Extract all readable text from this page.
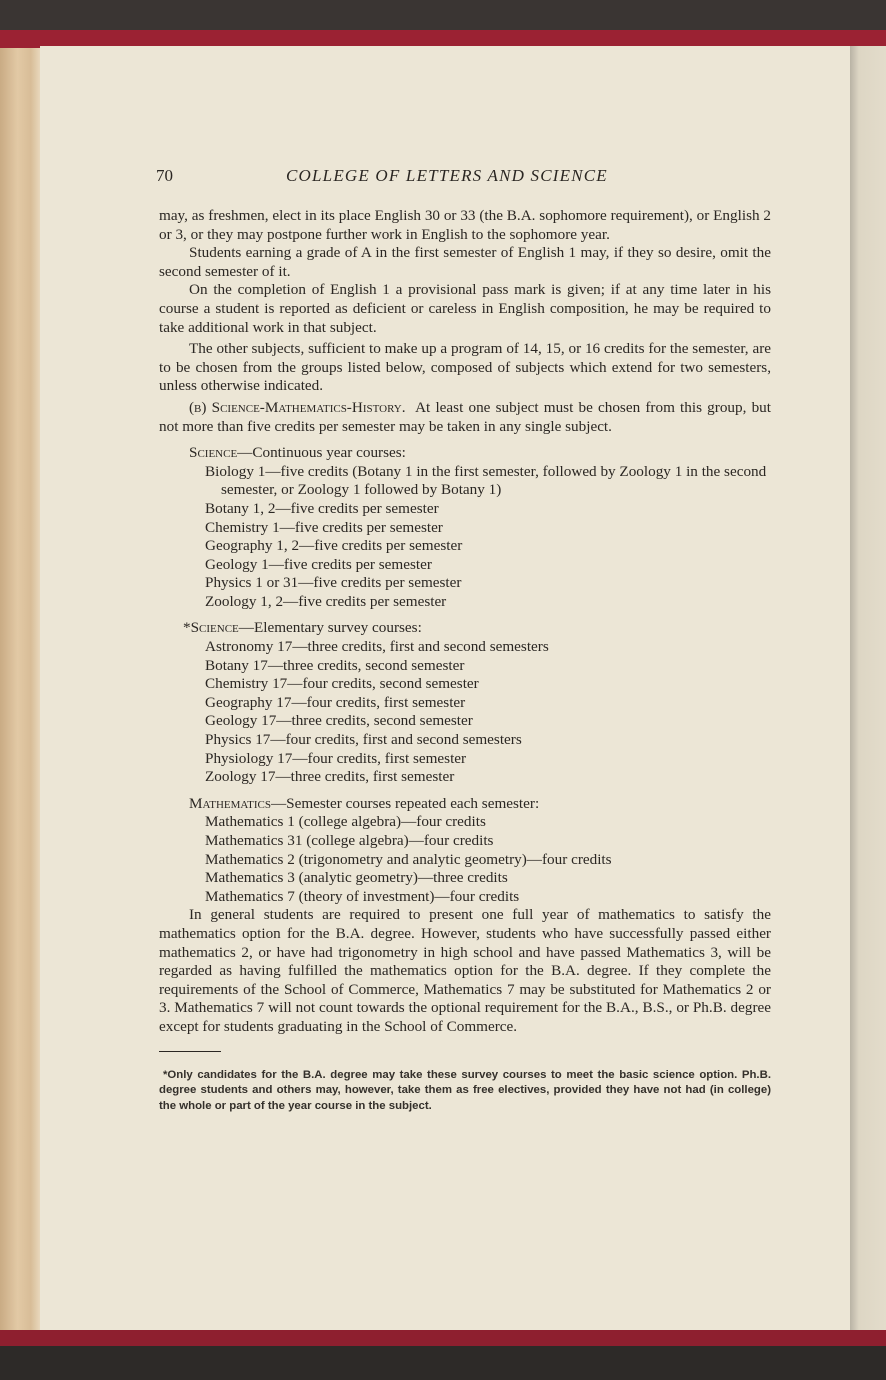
70	COLLEGE OF LETTERS AND SCIENCE

may, as freshmen, elect in its place English 30 or 33 (the B.A. sophomore requirement), or English 2 or 3, or they may postpone further work in English to the sophomore year.

Students earning a grade of A in the first semester of English 1 may, if they so desire, omit the second semester of it.

On the completion of English 1 a provisional pass mark is given; if at any time later in his course a student is reported as deficient or careless in English composition, he may be required to take additional work in that subject.

The other subjects, sufficient to make up a program of 14, 15, or 16 credits for the semester, are to be chosen from the groups listed below, composed of subjects which extend for two semesters, unless otherwise indicated.

(b) Science-Mathematics-History. At least one subject must be chosen from this group, but not more than five credits per semester may be taken in any single subject.

Science—Continuous year courses:

Biology 1—five credits (Botany 1 in the first semester, followed by Zoology 1 in the second semester, or Zoology 1 followed by Botany 1)
Botany 1, 2—five credits per semester
Chemistry 1—five credits per semester
Geography 1, 2—five credits per semester
Geology 1—five credits per semester
Physics 1 or 31—five credits per semester
Zoology 1, 2—five credits per semester

*Science—Elementary survey courses:

Astronomy 17—three credits, first and second semesters
Botany 17—three credits, second semester
Chemistry 17—four credits, second semester
Geography 17—four credits, first semester
Geology 17—three credits, second semester
Physics 17—four credits, first and second semesters
Physiology 17—four credits, first semester
Zoology 17—three credits, first semester

Mathematics—Semester courses repeated each semester:

Mathematics 1 (college algebra)—four credits
Mathematics 31 (college algebra)—four credits
Mathematics 2 (trigonometry and analytic geometry)—four credits
Mathematics 3 (analytic geometry)—three credits
Mathematics 7 (theory of investment)—four credits

In general students are required to present one full year of mathematics to satisfy the mathematics option for the B.A. degree. However, students who have successfully passed either mathematics 2, or have had trigonometry in high school and have passed Mathematics 3, will be regarded as having fulfilled the mathematics option for the B.A. degree. If they complete the requirements of the School of Commerce, Mathematics 7 may be substituted for Mathematics 2 or 3. Mathematics 7 will not count towards the optional requirement for the B.A., B.S., or Ph.B. degree except for students graduating in the School of Commerce.

*Only candidates for the B.A. degree may take these survey courses to meet the basic science option. Ph.B. degree students and others may, however, take them as free electives, provided they have not had (in college) the whole or part of the year course in the subject.
